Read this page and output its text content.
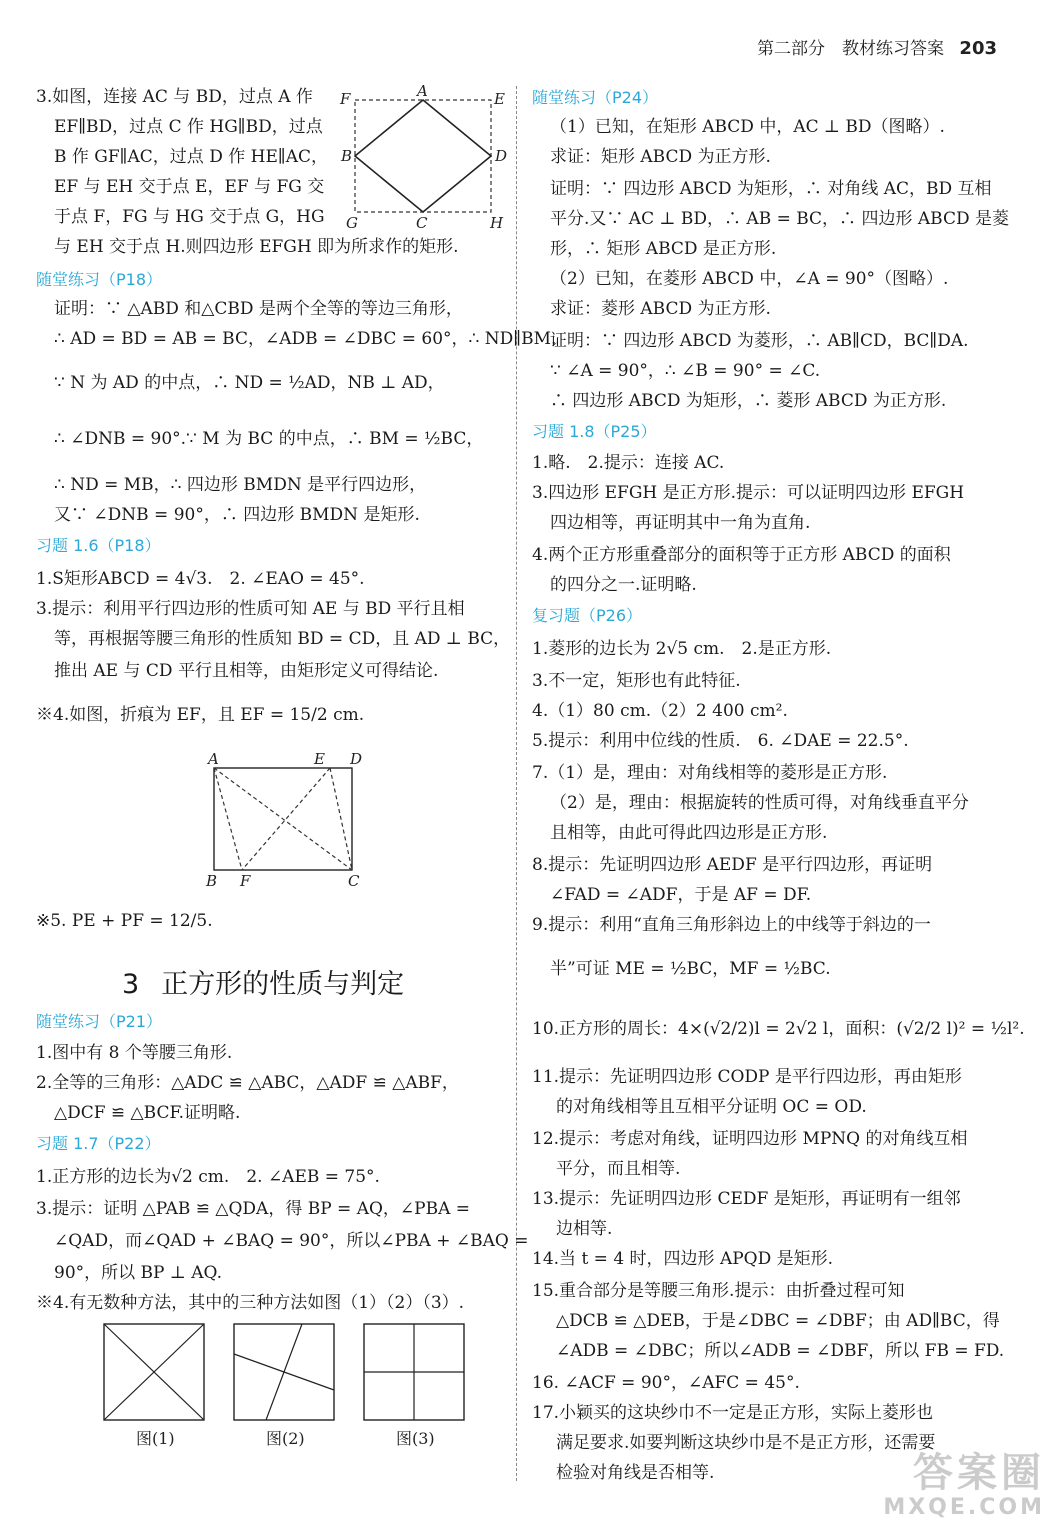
第二部分　教材练习答案 203
3.如图，连接 AC 与 BD，过点 A 作
EF∥BD，过点 C 作 HG∥BD，过点
B 作 GF∥AC，过点 D 作 HE∥AC，
EF 与 EH 交于点 E，EF 与 FG 交
于点 F，FG 与 HG 交于点 G，HG
与 EH 交于点 H.则四边形 EFGH 即为所求作的矩形.
F	A	E
B	D
G	C	H
随堂练习（P18）
证明：∵ △ABD 和△CBD 是两个全等的等边三角形，
∴ AD = BD = AB = BC，∠ADB = ∠DBC = 60°，∴ ND∥BM.
∵ N 为 AD 的中点，∴ ND = ½AD，NB ⊥ AD，
∴ ∠DNB = 90°.∵ M 为 BC 的中点，∴ BM = ½BC，
∴ ND = MB，∴ 四边形 BMDN 是平行四边形，
又∵ ∠DNB = 90°，∴ 四边形 BMDN 是矩形.
习题 1.6（P18）
1.S矩形ABCD = 4√3.　2. ∠EAO = 45°.
3.提示：利用平行四边形的性质可知 AE 与 BD 平行且相
等，再根据等腰三角形的性质知 BD = CD，且 AD ⊥ BC，
推出 AE 与 CD 平行且相等，由矩形定义可得结论.
※4.如图，折痕为 EF，且 EF = 15/2 cm.
A	E D
B F	C
※5. PE + PF = 12/5.
3 正方形的性质与判定
随堂练习（P21）
1.图中有 8 个等腰三角形.
2.全等的三角形：△ADC ≌ △ABC，△ADF ≌ △ABF，
△DCF ≌ △BCF.证明略.
习题 1.7（P22）
1.正方形的边长为√2 cm.　2. ∠AEB = 75°.
3.提示：证明 △PAB ≌ △QDA，得 BP = AQ，∠PBA =
∠QAD，而∠QAD + ∠BAQ = 90°，所以∠PBA + ∠BAQ =
90°，所以 BP ⊥ AQ.
※4.有无数种方法，其中的三种方法如图（1）（2）（3）.
图(1)	图(2)	图(3)
随堂练习（P24）
（1）已知，在矩形 ABCD 中，AC ⊥ BD（图略）.
求证：矩形 ABCD 为正方形.
证明：∵ 四边形 ABCD 为矩形，∴ 对角线 AC，BD 互相
平分.又∵ AC ⊥ BD，∴ AB = BC，∴ 四边形 ABCD 是菱
形，∴ 矩形 ABCD 是正方形.
（2）已知，在菱形 ABCD 中，∠A = 90°（图略）.
求证：菱形 ABCD 为正方形.
证明：∵ 四边形 ABCD 为菱形，∴ AB∥CD，BC∥DA.
∵ ∠A = 90°，∴ ∠B = 90° = ∠C.
∴ 四边形 ABCD 为矩形，∴ 菱形 ABCD 为正方形.
习题 1.8（P25）
1.略.　2.提示：连接 AC.
3.四边形 EFGH 是正方形.提示：可以证明四边形 EFGH
四边相等，再证明其中一角为直角.
4.两个正方形重叠部分的面积等于正方形 ABCD 的面积
的四分之一.证明略.
复习题（P26）
1.菱形的边长为 2√5 cm.　2.是正方形.
3.不一定，矩形也有此特征.
4.（1）80 cm.（2）2 400 cm².
5.提示：利用中位线的性质.　6. ∠DAE = 22.5°.
7.（1）是，理由：对角线相等的菱形是正方形.
（2）是，理由：根据旋转的性质可得，对角线垂直平分
且相等，由此可得此四边形是正方形.
8.提示：先证明四边形 AEDF 是平行四边形，再证明
∠FAD = ∠ADF，于是 AF = DF.
9.提示：利用“直角三角形斜边上的中线等于斜边的一
半”可证 ME = ½BC，MF = ½BC.
10.正方形的周长：4×(√2/2)l = 2√2 l，面积：(√2/2 l)² = ½l².
11.提示：先证明四边形 CODP 是平行四边形，再由矩形
的对角线相等且互相平分证明 OC = OD.
12.提示：考虑对角线，证明四边形 MPNQ 的对角线互相
平分，而且相等.
13.提示：先证明四边形 CEDF 是矩形，再证明有一组邻
边相等.
14.当 t = 4 时，四边形 APQD 是矩形.
15.重合部分是等腰三角形.提示：由折叠过程可知
△DCB ≌ △DEB，于是∠DBC = ∠DBF；由 AD∥BC，得
∠ADB = ∠DBC；所以∠ADB = ∠DBF，所以 FB = FD.
16. ∠ACF = 90°，∠AFC = 45°.
17.小颖买的这块纱巾不一定是正方形，实际上菱形也
满足要求.如要判断这块纱巾是不是正方形，还需要
检验对角线是否相等.	答案圈
MXQE.COM
